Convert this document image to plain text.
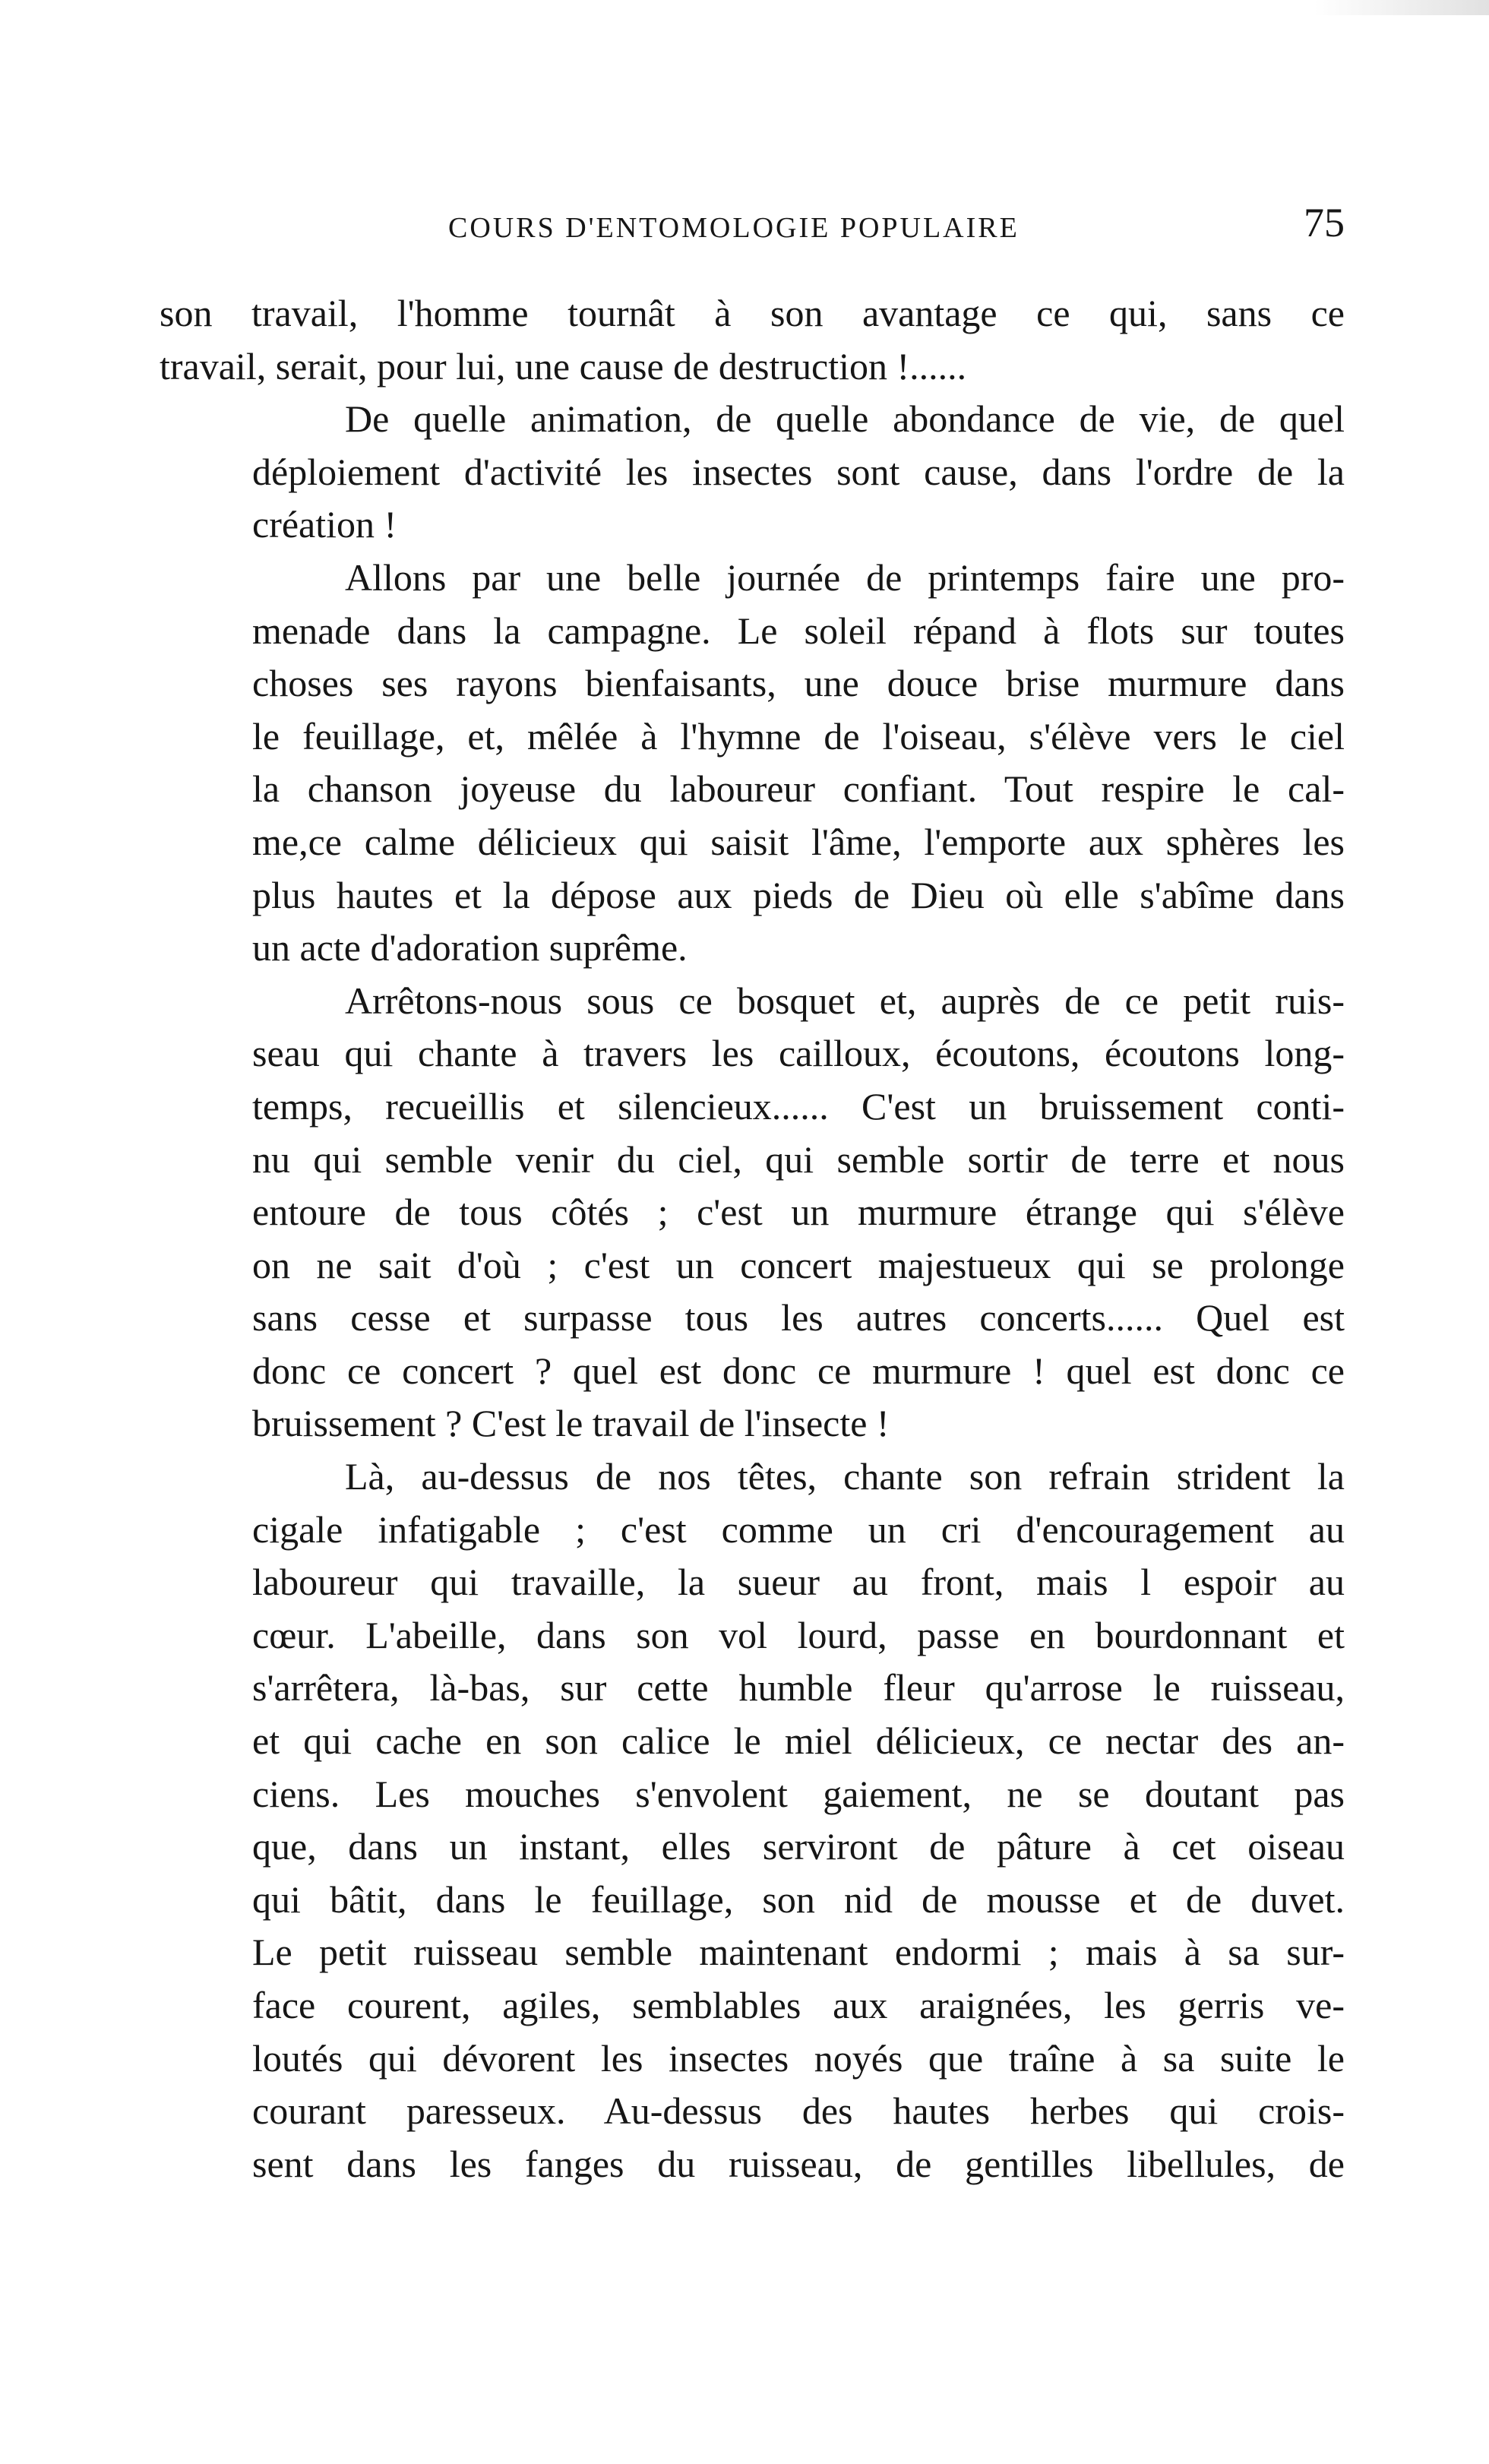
COURS D'ENTOMOLOGIE POPULAIRE	75

son travail, l'homme tournât à son avantage ce qui, sans ce
travail, serait, pour lui, une cause de destruction !......

De quelle animation, de quelle abondance de vie, de quel
déploiement d'activité les insectes sont cause, dans l'ordre de la
création !

Allons par une belle journée de printemps faire une pro-
menade dans la campagne. Le soleil répand à flots sur toutes
choses ses rayons bienfaisants, une douce brise murmure dans
le feuillage, et, mêlée à l'hymne de l'oiseau, s'élève vers le ciel
la chanson joyeuse du laboureur confiant. Tout respire le cal-
me,ce calme délicieux qui saisit l'âme, l'emporte aux sphères les
plus hautes et la dépose aux pieds de Dieu où elle s'abîme dans
un acte d'adoration suprême.

Arrêtons-nous sous ce bosquet et, auprès de ce petit ruis-
seau qui chante à travers les cailloux, écoutons, écoutons long-
temps, recueillis et silencieux...... C'est un bruissement conti-
nu qui semble venir du ciel, qui semble sortir de terre et nous
entoure de tous côtés ; c'est un murmure étrange qui s'élève
on ne sait d'où ; c'est un concert majestueux qui se prolonge
sans cesse et surpasse tous les autres concerts...... Quel est
donc ce concert ? quel est donc ce murmure ! quel est donc ce
bruissement ? C'est le travail de l'insecte !

Là, au-dessus de nos têtes, chante son refrain strident la
cigale infatigable ; c'est comme un cri d'encouragement au
laboureur qui travaille, la sueur au front, mais l espoir au
cœur. L'abeille, dans son vol lourd, passe en bourdonnant et
s'arrêtera, là-bas, sur cette humble fleur qu'arrose le ruisseau,
et qui cache en son calice le miel délicieux, ce nectar des an-
ciens. Les mouches s'envolent gaiement, ne se doutant pas
que, dans un instant, elles serviront de pâture à cet oiseau
qui bâtit, dans le feuillage, son nid de mousse et de duvet.
Le petit ruisseau semble maintenant endormi ; mais à sa sur-
face courent, agiles, semblables aux araignées, les gerris ve-
loutés qui dévorent les insectes noyés que traîne à sa suite le
courant paresseux. Au-dessus des hautes herbes qui crois-
sent dans les fanges du ruisseau, de gentilles libellules, de
